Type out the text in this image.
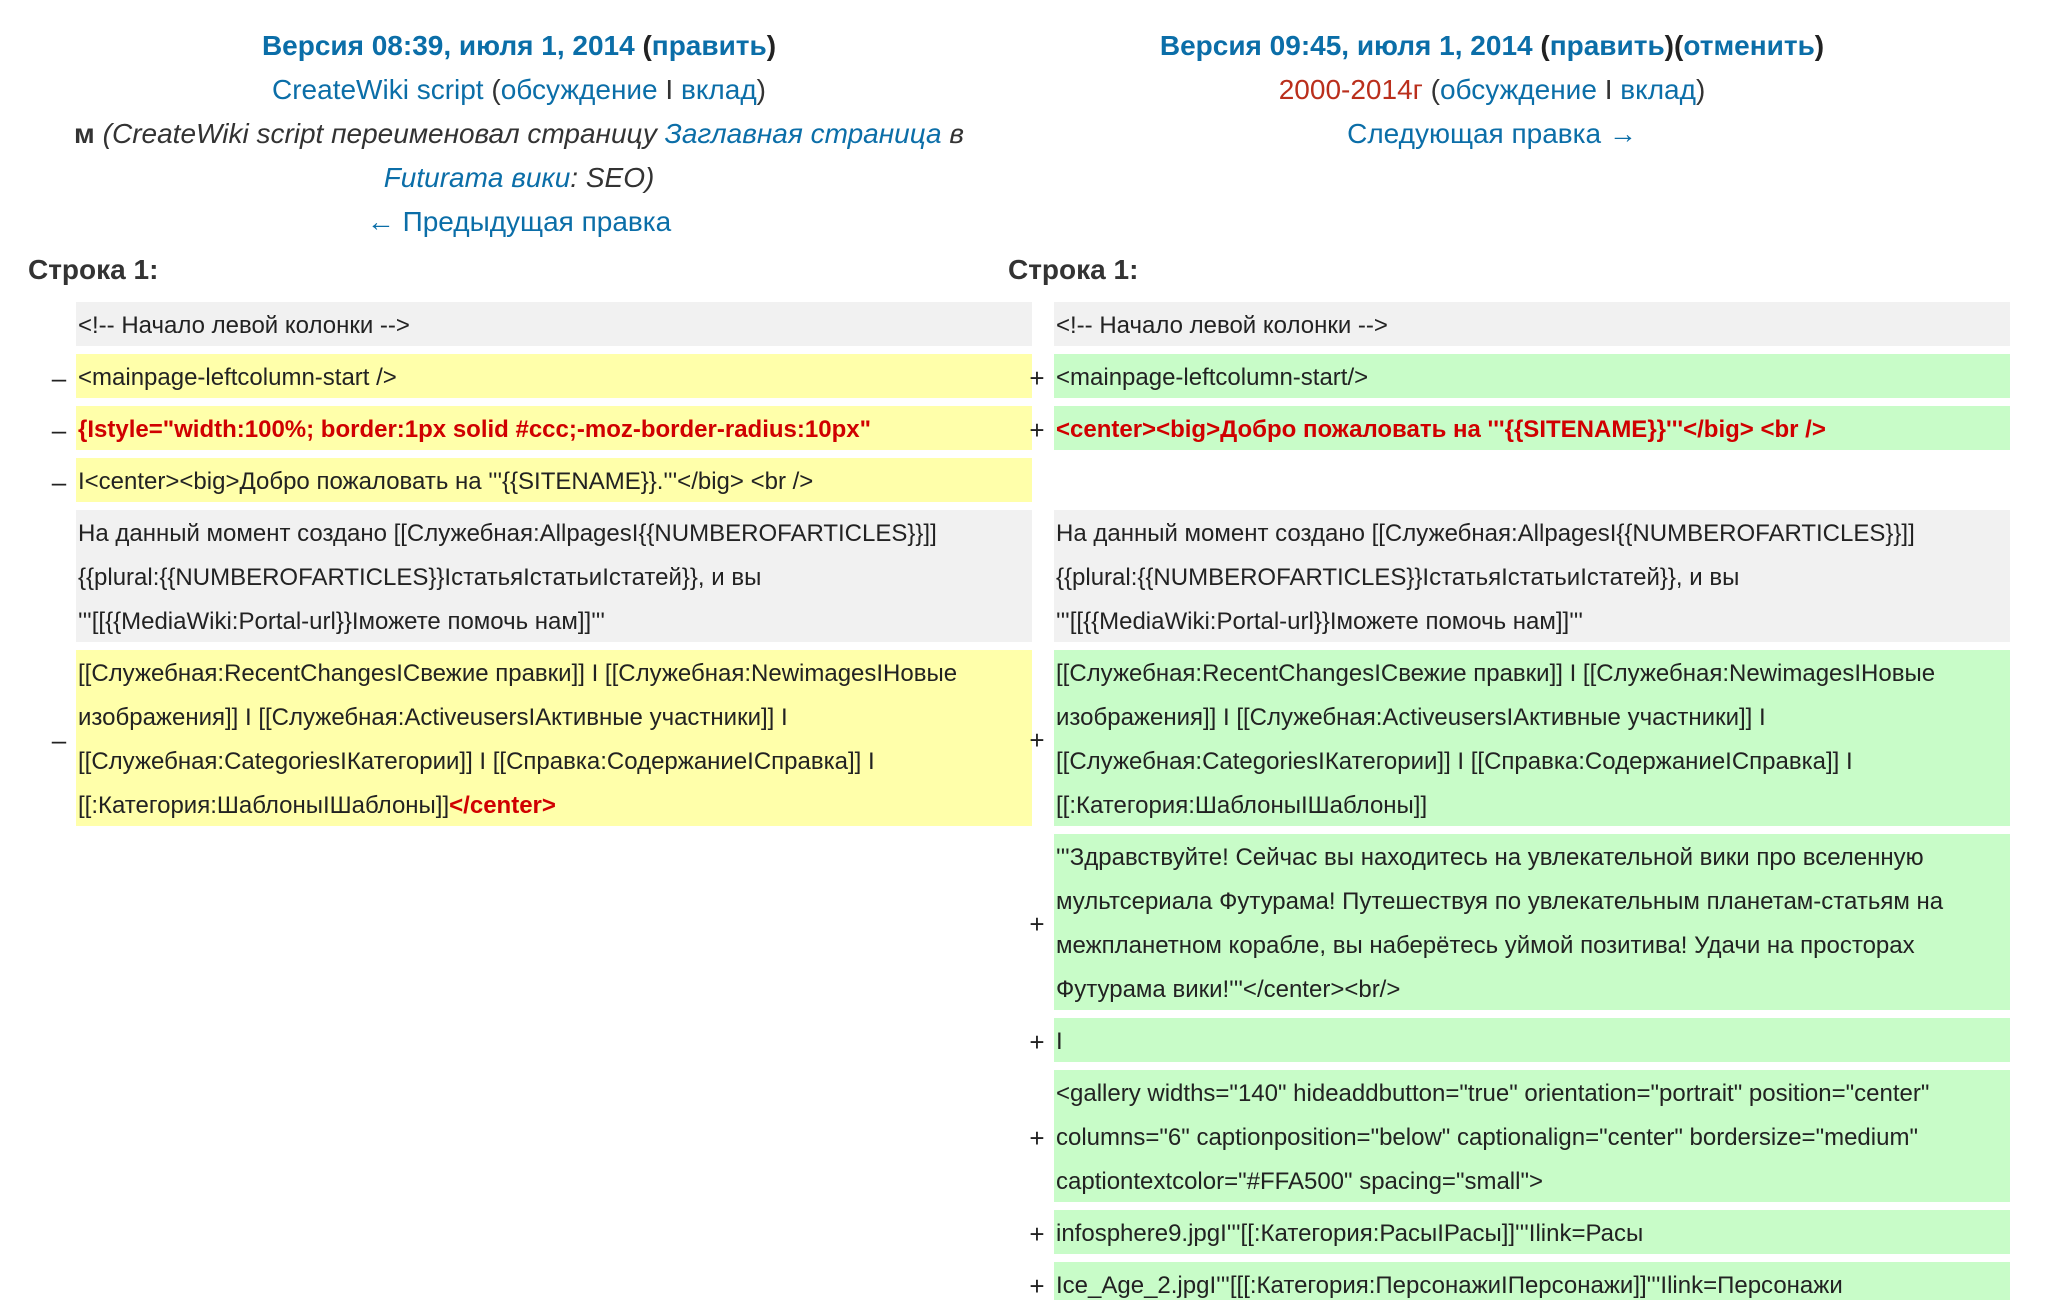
Версия 08:39, июля 1, 2014 (править)
CreateWiki script (обсуждение I вклад)
м (CreateWiki script переименовал страницу Заглавная страница в
Futurama вики: SEO)
← Предыдущая правка
Версия 09:45, июля 1, 2014 (править)(отменить)
2000-2014г (обсуждение I вклад)
Следующая правка →
Строка 1:	Строка 1:
<!-- Начало левой колонки -->
– <mainpage-leftcolumn-start />
– {Istyle="width:100%; border:1px solid #ccc;-moz-border-radius:10px"
– I<center><big>Добро пожаловать на '''{{SITENAME}}.'''</big> <br />
На данный момент создано [[Служебная:AllpagesI{{NUMBEROFARTICLES}}]]
{{plural:{{NUMBEROFARTICLES}}IстатьяIстатьиIстатей}}, и вы
'''[[{{MediaWiki:Portal-url}}Iможете помочь нам]]'''
–
[[Служебная:RecentChangesIСвежие правки]] I [[Служебная:NewimagesIНовые
изображения]] I [[Служебная:ActiveusersIАктивные участники]] I
[[Служебная:CategoriesIКатегории]] I [[Справка:СодержаниеIСправка]] I
[[:Категория:ШаблоныIШаблоны]]</center>
<!-- Начало левой колонки -->
+ <mainpage-leftcolumn-start/>
+ <center><big>Добро пожаловать на '''{{SITENAME}}'''</big> <br />
На данный момент создано [[Служебная:AllpagesI{{NUMBEROFARTICLES}}]]
{{plural:{{NUMBEROFARTICLES}}IстатьяIстатьиIстатей}}, и вы
'''[[{{MediaWiki:Portal-url}}Iможете помочь нам]]'''
+
[[Служебная:RecentChangesIСвежие правки]] I [[Служебная:NewimagesIНовые
изображения]] I [[Служебная:ActiveusersIАктивные участники]] I
[[Служебная:CategoriesIКатегории]] I [[Справка:СодержаниеIСправка]] I
[[:Категория:ШаблоныIШаблоны]]
+
'''Здравствуйте! Сейчас вы находитесь на увлекательной вики про вселенную
мультсериала Футурама! Путешествуя по увлекательным планетам-статьям на
межпланетном корабле, вы наберётесь уймой позитива! Удачи на просторах
Футурама вики!'''</center><br/>
+ I
+
<gallery widths="140" hideaddbutton="true" orientation="portrait" position="center"
columns="6" captionposition="below" captionalign="center" bordersize="medium"
captiontextcolor="#FFA500" spacing="small">
+ infosphere9.jpgI'''[[:Категория:РасыIРасы]]'''Ilink=Расы
+ Ice_Age_2.jpgI'''[[[:Категория:ПерсонажиIПерсонажи]]'''Ilink=Персонажи
